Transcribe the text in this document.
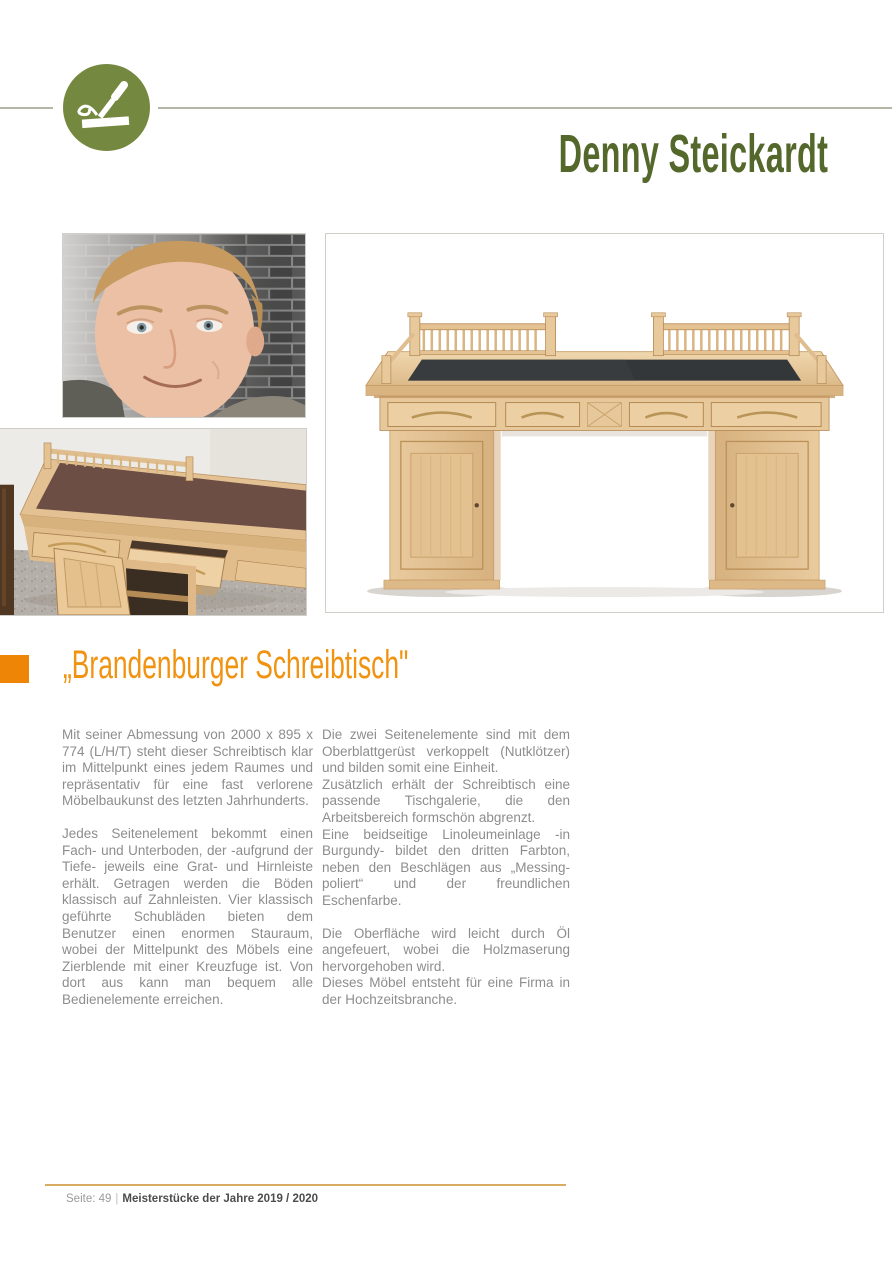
Denny Steickardt
„Brandenburger Schreibtisch"

Mit seiner Abmessung von 2000 x 895 x 774 (L/H/T) steht dieser Schreibtisch klar im Mittelpunkt eines jedem Raumes und repräsentativ für eine fast verlorene Möbelbaukunst des letzten Jahrhunderts.

Jedes Seitenelement bekommt einen Fach- und Unterboden, der -aufgrund der Tiefe- jeweils eine Grat- und Hirnleiste erhält. Getragen werden die Böden klassisch auf Zahnleisten. Vier klassisch geführte Schubläden bieten dem Benutzer einen enormen Stauraum, wobei der Mittelpunkt des Möbels eine Zierblende mit einer Kreuzfuge ist. Von dort aus kann man bequem alle Bedienelemente erreichen.

Die zwei Seitenelemente sind mit dem Oberblattgerüst verkoppelt (Nutklötzer) und bilden somit eine Einheit.

Zusätzlich erhält der Schreibtisch eine passende Tischgalerie, die den Arbeitsbereich formschön abgrenzt.

Eine beidseitige Linoleumeinlage -in Burgundy- bildet den dritten Farbton, neben den Beschlägen aus „Messing-poliert“ und der freundlichen Eschenfarbe.

Die Oberfläche wird leicht durch Öl angefeuert, wobei die Holzmaserung hervorgehoben wird.

Dieses Möbel entsteht für eine Firma in der Hochzeitsbranche.

Seite: 49 | Meisterstücke der Jahre 2019 / 2020
